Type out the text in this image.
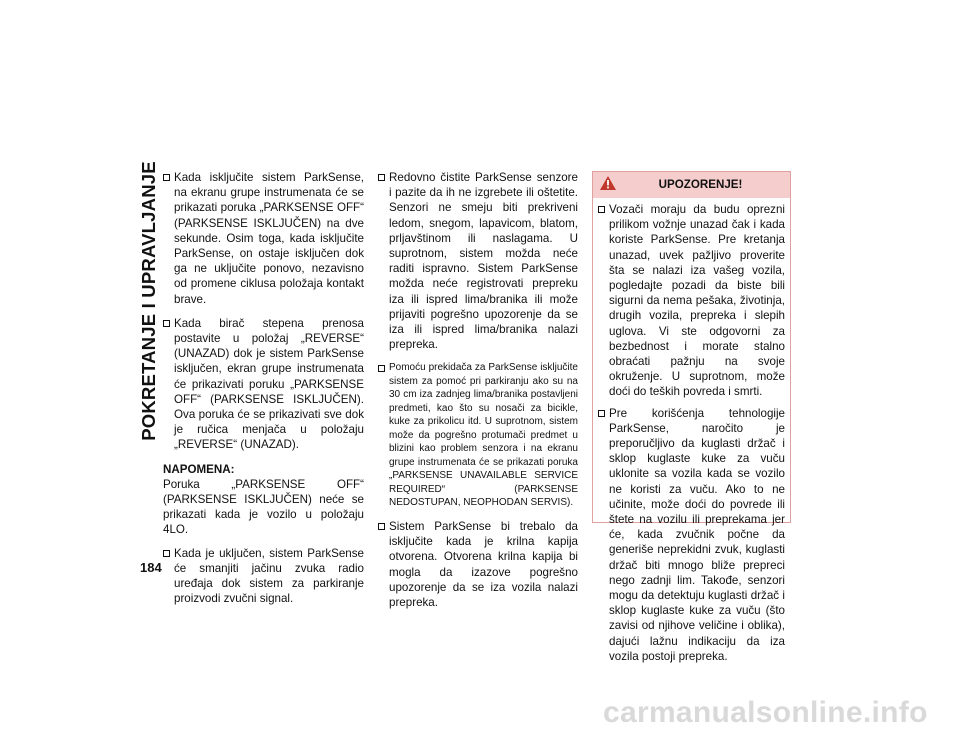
POKRETANJE I UPRAVLJANJE
184
Kada isključite sistem ParkSense, na ekranu grupe instrumenata će se prikazati poruka „PARKSENSE OFF“ (PARKSENSE ISKLJUČEN) na dve sekunde. Osim toga, kada isključite ParkSense, on ostaje isključen dok ga ne uključite ponovo, nezavisno od promene ciklusa položaja kontakt brave.
Kada birač stepena prenosa postavite u položaj „REVERSE“ (UNAZAD) dok je sistem ParkSense isključen, ekran grupe instrumenata će prikazivati poruku „PARKSENSE OFF“ (PARKSENSE ISKLJUČEN). Ova poruka će se prikazivati sve dok je ručica menjača u položaju „REVERSE“ (UNAZAD).
NAPOMENA:
Poruka „PARKSENSE OFF“ (PARKSENSE ISKLJUČEN) neće se prikazati kada je vozilo u položaju 4LO.
Kada je uključen, sistem ParkSense će smanjiti jačinu zvuka radio uređaja dok sistem za parkiranje proizvodi zvučni signal.
Redovno čistite ParkSense senzore i pazite da ih ne izgrebete ili oštetite. Senzori ne smeju biti prekriveni ledom, snegom, lapavicom, blatom, prljavštinom ili naslagama. U suprotnom, sistem možda neće raditi ispravno. Sistem ParkSense možda neće registrovati prepreku iza ili ispred lima/branika ili može prijaviti pogrešno upozorenje da se iza ili ispred lima/branika nalazi prepreka.
Pomoću prekidača za ParkSense isključite sistem za pomoć pri parkiranju ako su na 30 cm iza zadnjeg lima/branika postavljeni predmeti, kao što su nosači za bicikle, kuke za prikolicu itd. U suprotnom, sistem može da pogrešno protumači predmet u blizini kao problem senzora i na ekranu grupe instrumenata će se prikazati poruka „PARKSENSE UNAVAILABLE SERVICE REQUIRED“ (PARKSENSE NEDOSTUPAN, NEOPHODAN SERVIS).
Sistem ParkSense bi trebalo da isključite kada je krilna kapija otvorena. Otvorena krilna kapija bi mogla da izazove pogrešno upozorenje da se iza vozila nalazi prepreka.
UPOZORENJE!
Vozači moraju da budu oprezni prilikom vožnje unazad čak i kada koriste ParkSense. Pre kretanja unazad, uvek pažljivo proverite šta se nalazi iza vašeg vozila, pogledajte pozadi da biste bili sigurni da nema pešaka, životinja, drugih vozila, prepreka i slepih uglova. Vi ste odgovorni za bezbednost i morate stalno obraćati pažnju na svoje okruženje. U suprotnom, može doći do teških povreda i smrti.
Pre korišćenja tehnologije ParkSense, naročito je preporučljivo da kuglasti držač i sklop kuglaste kuke za vuču uklonite sa vozila kada se vozilo ne koristi za vuču. Ako to ne učinite, može doći do povrede ili štete na vozilu ili preprekama jer će, kada zvučnik počne da generiše neprekidni zvuk, kuglasti držač biti mnogo bliže prepreci nego zadnji lim. Takođe, senzori mogu da detektuju kuglasti držač i sklop kuglaste kuke za vuču (što zavisi od njihove veličine i oblika), dajući lažnu indikaciju da iza vozila postoji prepreka.
carmanualsonline.info
